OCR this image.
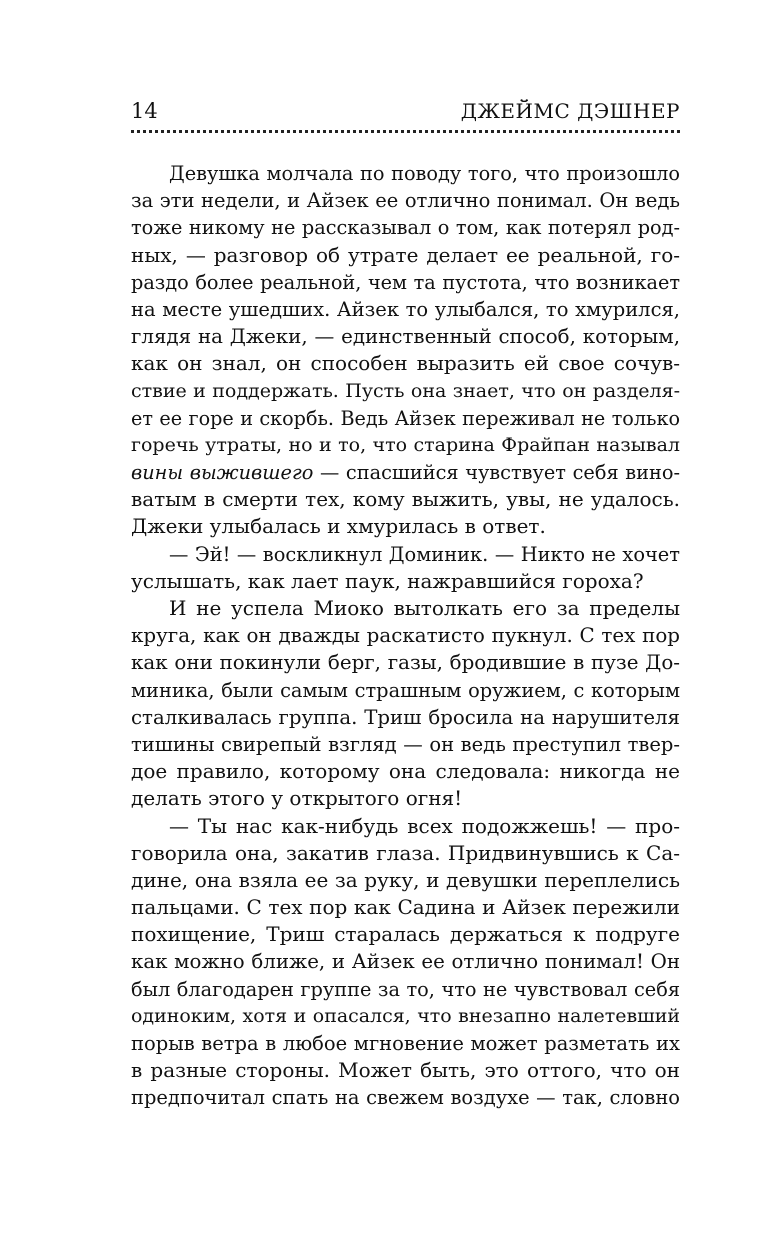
14	ДЖЕЙМС ДЭШНЕР
Девушка молчала по поводу того, что произошло
за эти недели, и Айзек ее отлично понимал. Он ведь
тоже никому не рассказывал о том, как потерял род-
ных, — разговор об утрате делает ее реальной, го-
раздо более реальной, чем та пустота, что возникает
на месте ушедших. Айзек то улыбался, то хмурился,
глядя на Джеки, — единственный способ, которым,
как он знал, он способен выразить ей свое сочув-
ствие и поддержать. Пусть она знает, что он разделя-
ет ее горе и скорбь. Ведь Айзек переживал не только
горечь утраты, но и то, что старина Фрайпан называл
вины выжившего — спасшийся чувствует себя вино-
ватым в смерти тех, кому выжить, увы, не удалось.
Джеки улыбалась и хмурилась в ответ.
— Эй! — воскликнул Доминик. — Никто не хочет
услышать, как лает паук, нажравшийся гороха?
И не успела Миоко вытолкать его за пределы
круга, как он дважды раскатисто пукнул. С тех пор
как они покинули берг, газы, бродившие в пузе До-
миника, были самым страшным оружием, с которым
сталкивалась группа. Триш бросила на нарушителя
тишины свирепый взгляд — он ведь преступил твер-
дое правило, которому она следовала: никогда не
делать этого у открытого огня!
— Ты нас как-нибудь всех подожжешь! — про-
говорила она, закатив глаза. Придвинувшись к Са-
дине, она взяла ее за руку, и девушки переплелись
пальцами. С тех пор как Садина и Айзек пережили
похищение, Триш старалась держаться к подруге
как можно ближе, и Айзек ее отлично понимал! Он
был благодарен группе за то, что не чувствовал себя
одиноким, хотя и опасался, что внезапно налетевший
порыв ветра в любое мгновение может разметать их
в разные стороны. Может быть, это оттого, что он
предпочитал спать на свежем воздухе — так, словно
